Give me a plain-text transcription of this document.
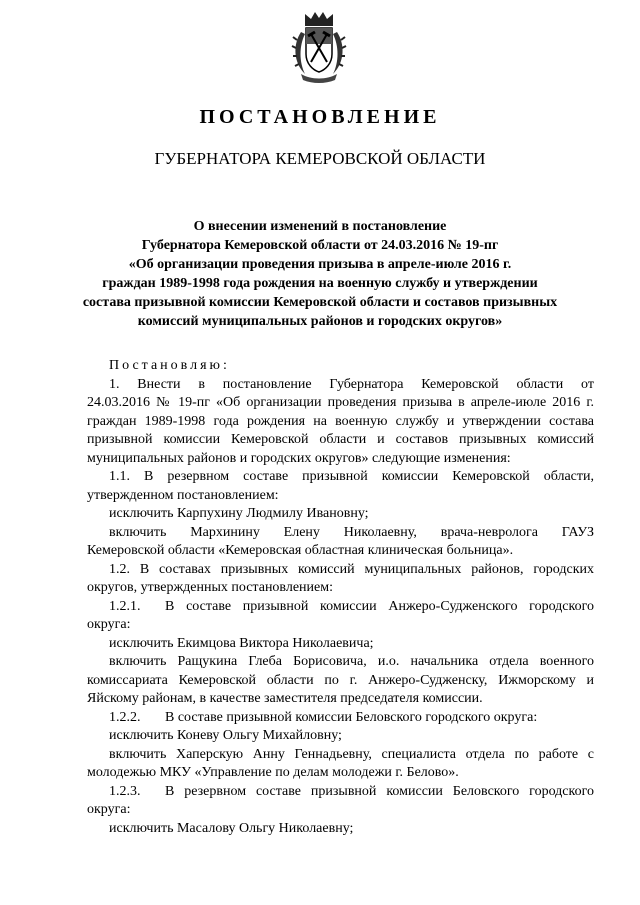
ПОСТАНОВЛЕНИЕ
ГУБЕРНАТОРА КЕМЕРОВСКОЙ ОБЛАСТИ
О внесении изменений в постановление
Губернатора Кемеровской области от 24.03.2016 № 19-пг
«Об организации проведения призыва в апреле-июле 2016 г.
граждан 1989-1998 года рождения на военную службу и утверждении
состава призывной комиссии Кемеровской области и составов призывных
комиссий муниципальных районов и городских округов»
Постановляю:
1. Внести в постановление Губернатора Кемеровской области от
24.03.2016 № 19-пг «Об организации проведения призыва в апреле-июле 2016 г.
граждан 1989-1998 года рождения на военную службу и утверждении состава
призывной комиссии Кемеровской области и составов призывных комиссий
муниципальных районов и городских округов» следующие изменения:
1.1. В резервном составе призывной комиссии Кемеровской области,
утвержденном постановлением:
исключить Карпухину Людмилу Ивановну;
включить Мархинину Елену Николаевну, врача-невролога ГАУЗ
Кемеровской области «Кемеровская областная клиническая больница».
1.2. В составах призывных комиссий муниципальных районов, городских
округов, утвержденных постановлением:
1.2.1. В составе призывной комиссии Анжеро-Судженского городского
округа:
исключить Екимцова Виктора Николаевича;
включить Ращукина Глеба Борисовича, и.о. начальника отдела военного
комиссариата Кемеровской области по г. Анжеро-Судженску, Ижморскому и
Яйскому районам, в качестве заместителя председателя комиссии.
1.2.2. В составе призывной комиссии Беловского городского округа:
исключить Коневу Ольгу Михайловну;
включить Хаперскую Анну Геннадьевну, специалиста отдела по работе с
молодежью МКУ «Управление по делам молодежи г. Белово».
1.2.3. В резервном составе призывной комиссии Беловского городского
округа:
исключить Масалову Ольгу Николаевну;
